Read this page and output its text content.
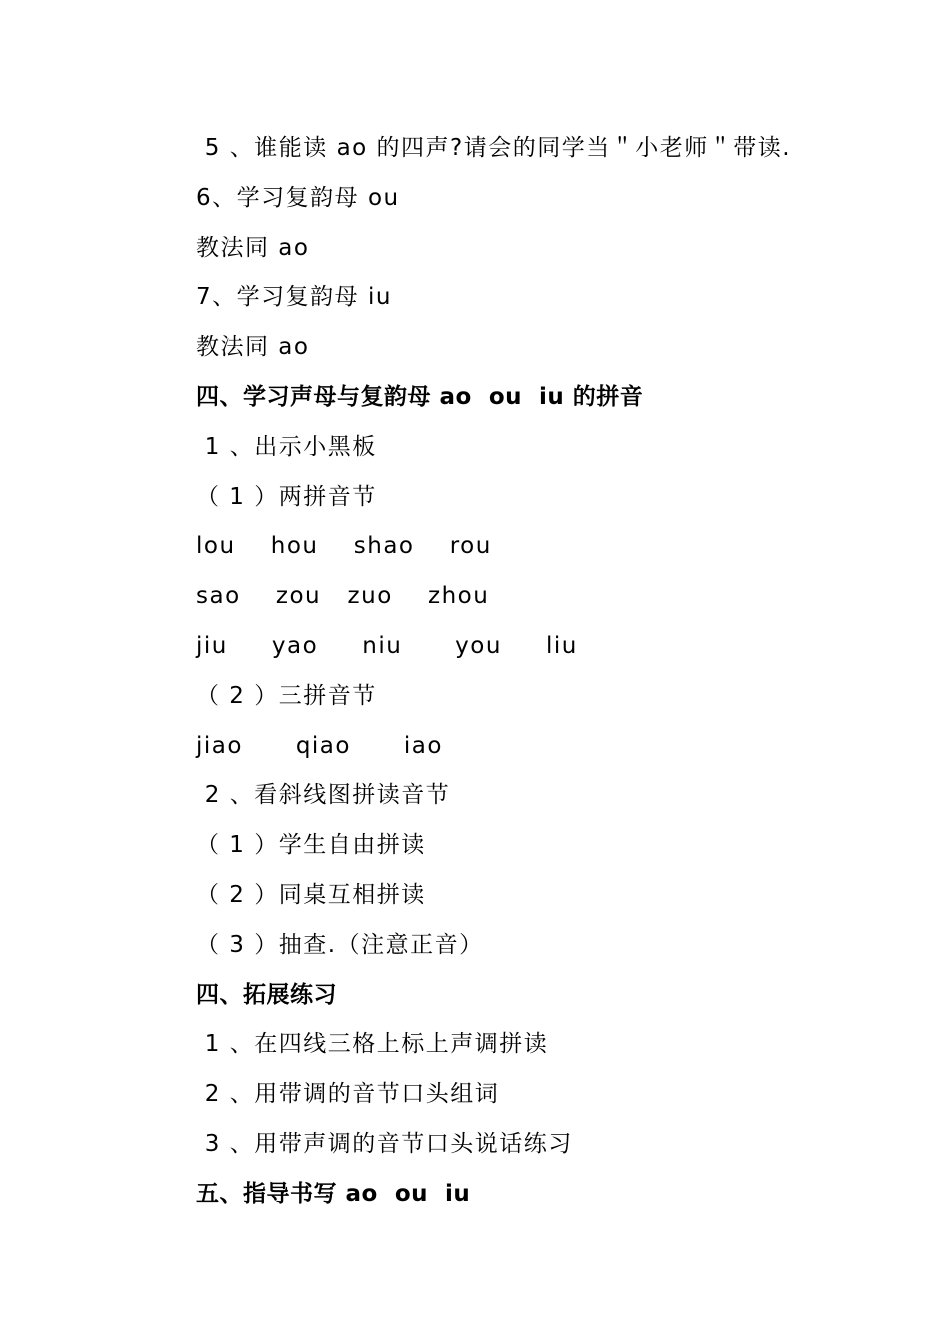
5 、谁能读 ao 的四声?请会的同学当＂小老师＂带读.
6、学习复韵母 ou
教法同 ao
7、学习复韵母 iu
教法同 ao
四、学习声母与复韵母 ao  ou  iu 的拼音
1 、出示小黑板
（ 1 ）两拼音节
lou    hou    shao    rou
sao    zou   zuo    zhou
jiu     yao     niu      you     liu
（ 2 ）三拼音节
jiao      qiao      iao
2 、看斜线图拼读音节
（ 1 ）学生自由拼读
（ 2 ）同桌互相拼读
（ 3 ）抽查.（注意正音）
四、拓展练习
1 、在四线三格上标上声调拼读
2 、用带调的音节口头组词
3 、用带声调的音节口头说话练习
五、指导书写 ao  ou  iu
